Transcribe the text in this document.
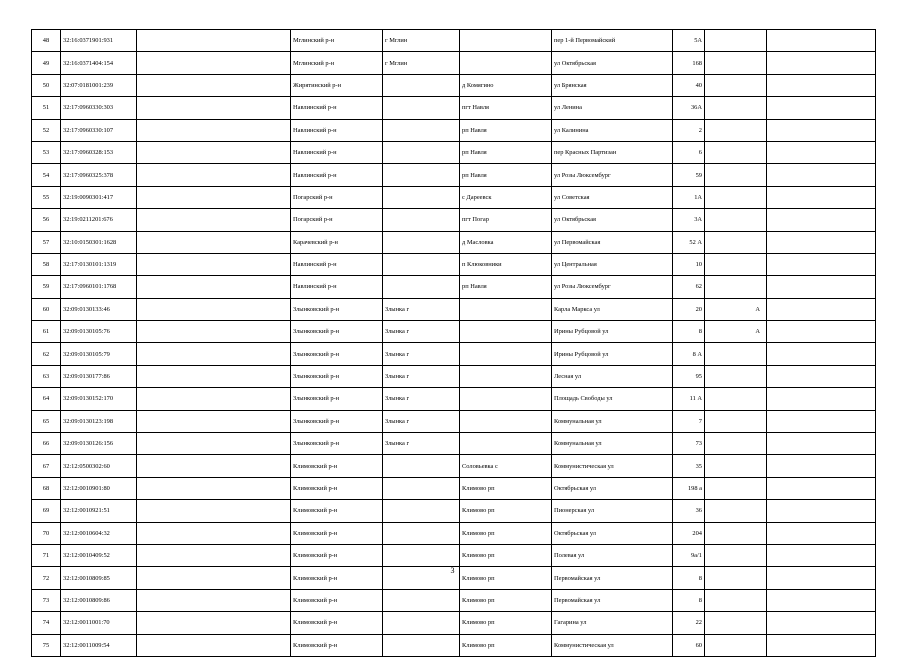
48	32:16:0371901:931		Мглинский р-н	г Мглин		пер 1-й Первомайский	5А		
49	32:16:0371404:154		Мглинский р-н	г Мглин		ул Октябрьская	168		
50	32:07:0181001:239		Жирятинский р-н		д Комягино	ул Брянская	40		
51	32:17:0960330:303		Навлинский р-н		пгт Навля	ул Ленина	36А		
52	32:17:0960330:107		Навлинский р-н		рп Навля	ул Калинина	2		
53	32:17:0960328:153		Навлинский р-н		рп Навля	пер Красных Партизан	6		
54	32:17:0960325:378		Навлинский р-н		рп Навля	ул Розы Люксембург	59		
55	32:19:0090301:417		Погарский р-н		с Дареевск	ул Советская	1А		
56	32:19:0211201:676		Погарский р-н		пгт Погар	ул Октябрьская	3А		
57	32:10:0150301:1628		Карачевский р-н		д Масловка	ул Первомайская	52 А		
58	32:17:0130101:1319		Навлинский р-н		п Клюковники	ул Центральная	10		
59	32:17:0960101:1768		Навлинский р-н		рп Навля	ул Розы Люксембург	62		
60	32:09:0130133:46		Злынковский р-н	Злынка г		Карла Маркса ул	20	А	
61	32:09:0130105:76		Злынковский р-н	Злынка г		Ирины Рубцовой ул	8	А	
62	32:09:0130105:79		Злынковский р-н	Злынка г		Ирины Рубцовой ул	8 А		
63	32:09:0130177:86		Злынковский р-н	Злынка г		Лесная ул	95		
64	32:09:0130152:170		Злынковский р-н	Злынка г		Площадь Свободы ул	11 А		
65	32:09:0130123:198		Злынковский р-н	Злынка г		Коммунальная ул	7		
66	32:09:0130126:156		Злынковский р-н	Злынка г		Коммунальная ул	73		
67	32:12:0500302:60		Климовский р-н		Соловьевка с	Коммунистическая ул	35		
68	32:12:0010901:80		Климовский р-н		Климово рп	Октябрьская ул	198 а		
69	32:12:0010921:51		Климовский р-н		Климово рп	Пионерская ул	36		
70	32:12:0010604:32		Климовский р-н		Климово рп	Октябрьская ул	204		
71	32:12:0010409:52		Климовский р-н		Климово рп	Полевая ул	9а/1		
72	32:12:0010809:85		Климовский р-н		Климово рп	Первомайская ул	8		
73	32:12:0010809:86		Климовский р-н		Климово рп	Первомайская ул	8		
74	32:12:0011001:70		Климовский р-н		Климово рп	Гагарина ул	22		
75	32:12:0011009:54		Климовский р-н		Климово рп	Коммунистическая ул	60		
3
